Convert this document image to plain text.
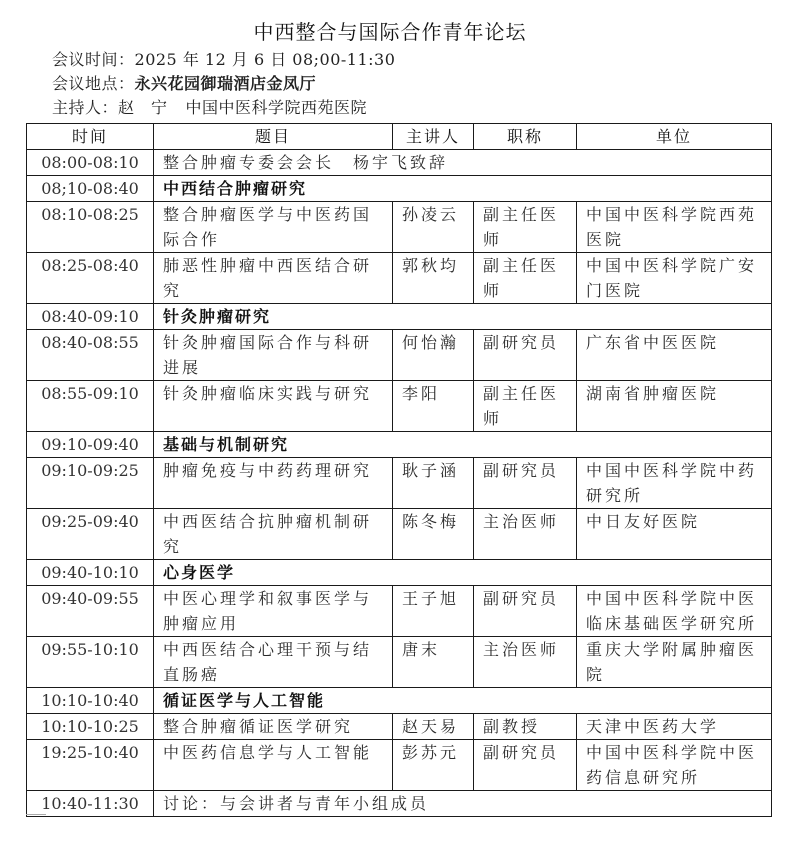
中西整合与国际合作青年论坛
会议时间：2025 年 12 月 6 日 08;00-11:30
会议地点：永兴花园御瑞酒店金凤厅
主持人：赵　宁 中国中医科学院西苑医院
时间	题目	主讲人	职称	单位
08:00-08:10	整合肿瘤专委会会长　杨宇飞致辞			
08;10-08:40	中西结合肿瘤研究			
08:10-08:25	整合肿瘤医学与中医药国际合作	孙凌云	副主任医师	中国中医科学院西苑医院
08:25-08:40	肺恶性肿瘤中西医结合研究	郭秋均	副主任医师	中国中医科学院广安门医院
08:40-09:10	针灸肿瘤研究			
08:40-08:55	针灸肿瘤国际合作与科研进展	何怡瀚	副研究员	广东省中医医院
08:55-09:10	针灸肿瘤临床实践与研究	李阳	副主任医师	湖南省肿瘤医院
09:10-09:40	基础与机制研究			
09:10-09:25	肿瘤免疫与中药药理研究	耿子涵	副研究员	中国中医科学院中药研究所
09:25-09:40	中西医结合抗肿瘤机制研究	陈冬梅	主治医师	中日友好医院
09:40-10:10	心身医学			
09:40-09:55	中医心理学和叙事医学与肿瘤应用	王子旭	副研究员	中国中医科学院中医临床基础医学研究所
09:55-10:10	中西医结合心理干预与结直肠癌	唐末	主治医师	重庆大学附属肿瘤医院
10:10-10:40	循证医学与人工智能			
10:10-10:25	整合肿瘤循证医学研究	赵天易	副教授	天津中医药大学
19:25-10:40	中医药信息学与人工智能	彭苏元	副研究员	中国中医科学院中医药信息研究所
10:40-11:30	讨论：与会讲者与青年小组成员			
